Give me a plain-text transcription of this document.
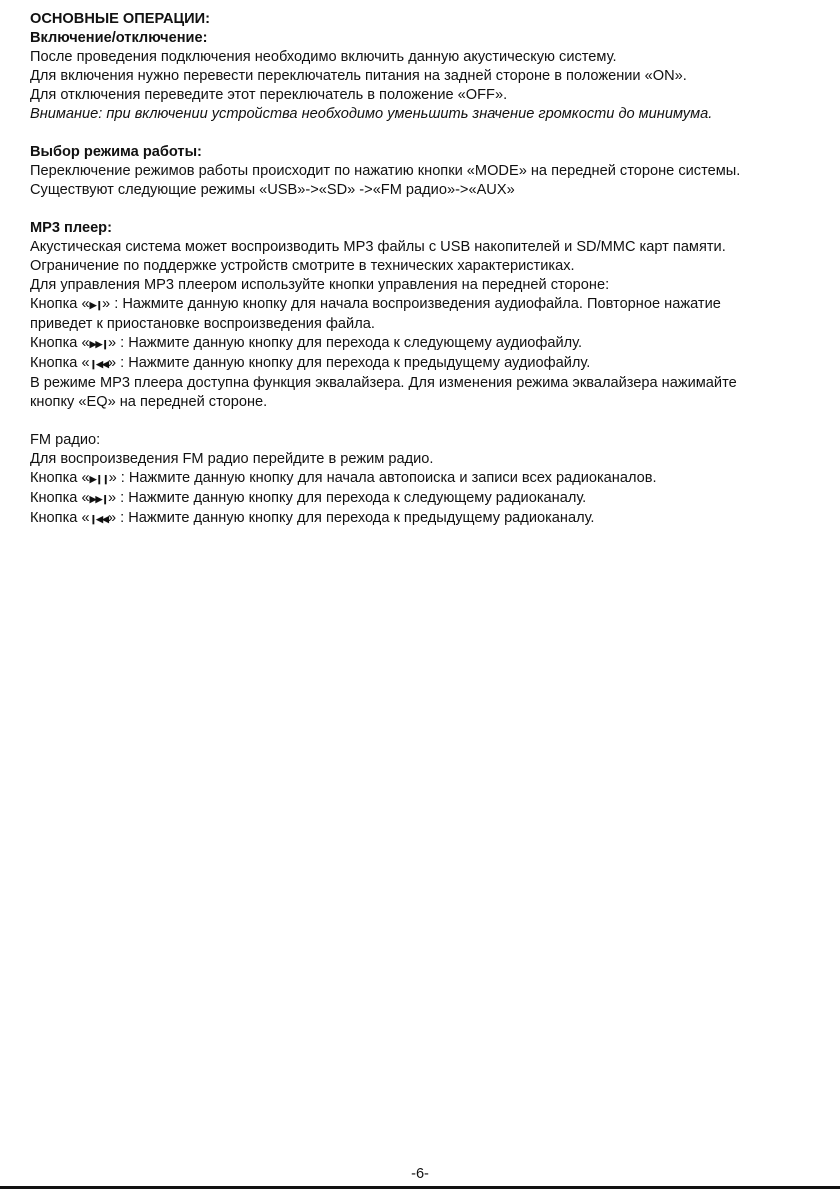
ОСНОВНЫЕ ОПЕРАЦИИ:
Включение/отключение:
После проведения подключения необходимо включить данную акустическую систему.
Для включения нужно перевести переключатель питания на задней стороне в положении «ON».
Для отключения переведите этот переключатель в положение «OFF».
Внимание: при включении устройства необходимо уменьшить значение громкости до минимума.
Выбор режима работы:
Переключение режимов работы происходит по нажатию кнопки «MODE» на передней стороне системы.
Существуют следующие режимы «USB»->«SD» ->«FM радио»->«AUX»
MP3 плеер:
Акустическая система может воспроизводить MP3 файлы с USB накопителей и SD/MMC карт памяти.
Ограничение по поддержке устройств смотрите в технических характеристиках.
Для управления MP3 плеером используйте кнопки управления на передней стороне:
Кнопка «▶❙» : Нажмите данную кнопку для начала воспроизведения аудиофайла. Повторное нажатие
приведет к приостановке воспроизведения файла.
Кнопка «▶▶❙» : Нажмите данную кнопку для перехода к следующему аудиофайлу.
Кнопка «❙◀◀» : Нажмите данную кнопку для перехода к предыдущему аудиофайлу.
В режиме MP3 плеера доступна функция эквалайзера. Для изменения режима эквалайзера нажимайте
кнопку «EQ» на передней стороне.
FM радио:
Для воспроизведения FM радио перейдите в режим радио.
Кнопка «▶❙❙» : Нажмите данную кнопку для начала автопоиска и записи всех радиоканалов.
Кнопка «▶▶❙» : Нажмите данную кнопку для перехода к следующему радиоканалу.
Кнопка «❙◀◀» : Нажмите данную кнопку для перехода к предыдущему радиоканалу.
-6-
